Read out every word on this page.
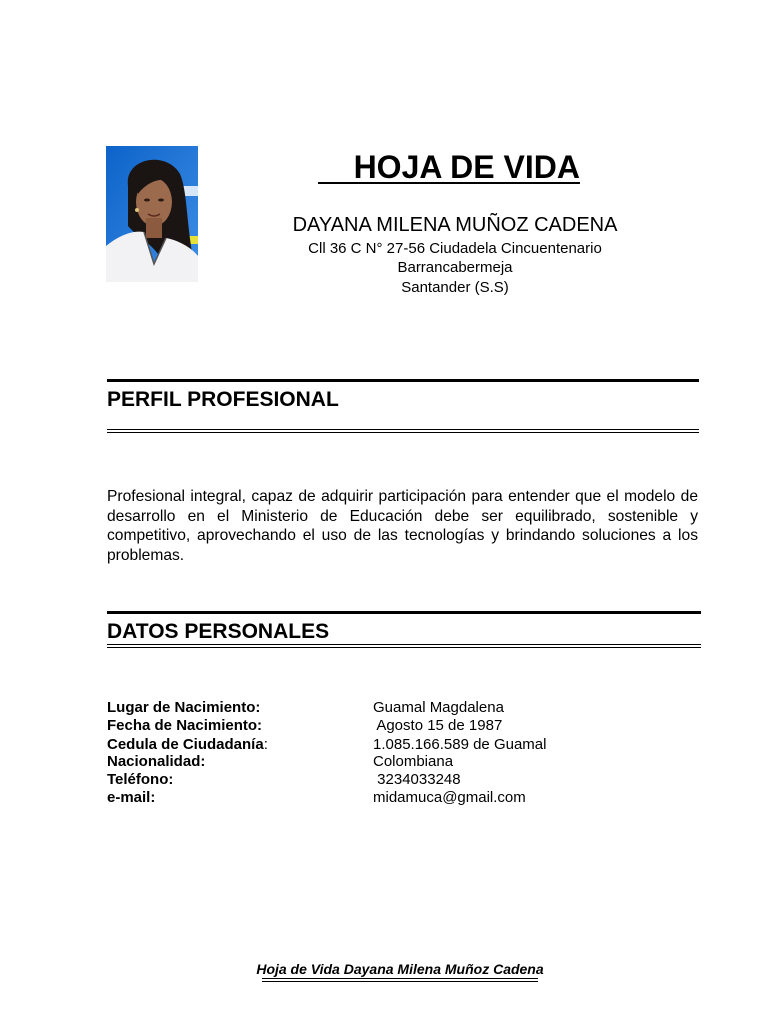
HOJA DE VIDA
DAYANA MILENA MUÑOZ CADENA
Cll 36 C N° 27-56 Ciudadela Cincuentenario
Barrancabermeja
Santander (S.S)
PERFIL PROFESIONAL
Profesional integral, capaz de adquirir participación para entender que el modelo de desarrollo en el Ministerio de Educación debe ser equilibrado, sostenible y competitivo, aprovechando el uso de las tecnologías y brindando soluciones a los problemas.
DATOS PERSONALES
Lugar de Nacimiento:	Guamal Magdalena
Fecha de Nacimiento:	Agosto 15 de 1987
Cedula de Ciudadanía:	1.085.166.589 de Guamal
Nacionalidad:	Colombiana
Teléfono:	3234033248
e-mail:	midamuca@gmail.com
Hoja de Vida Dayana Milena Muñoz Cadena
